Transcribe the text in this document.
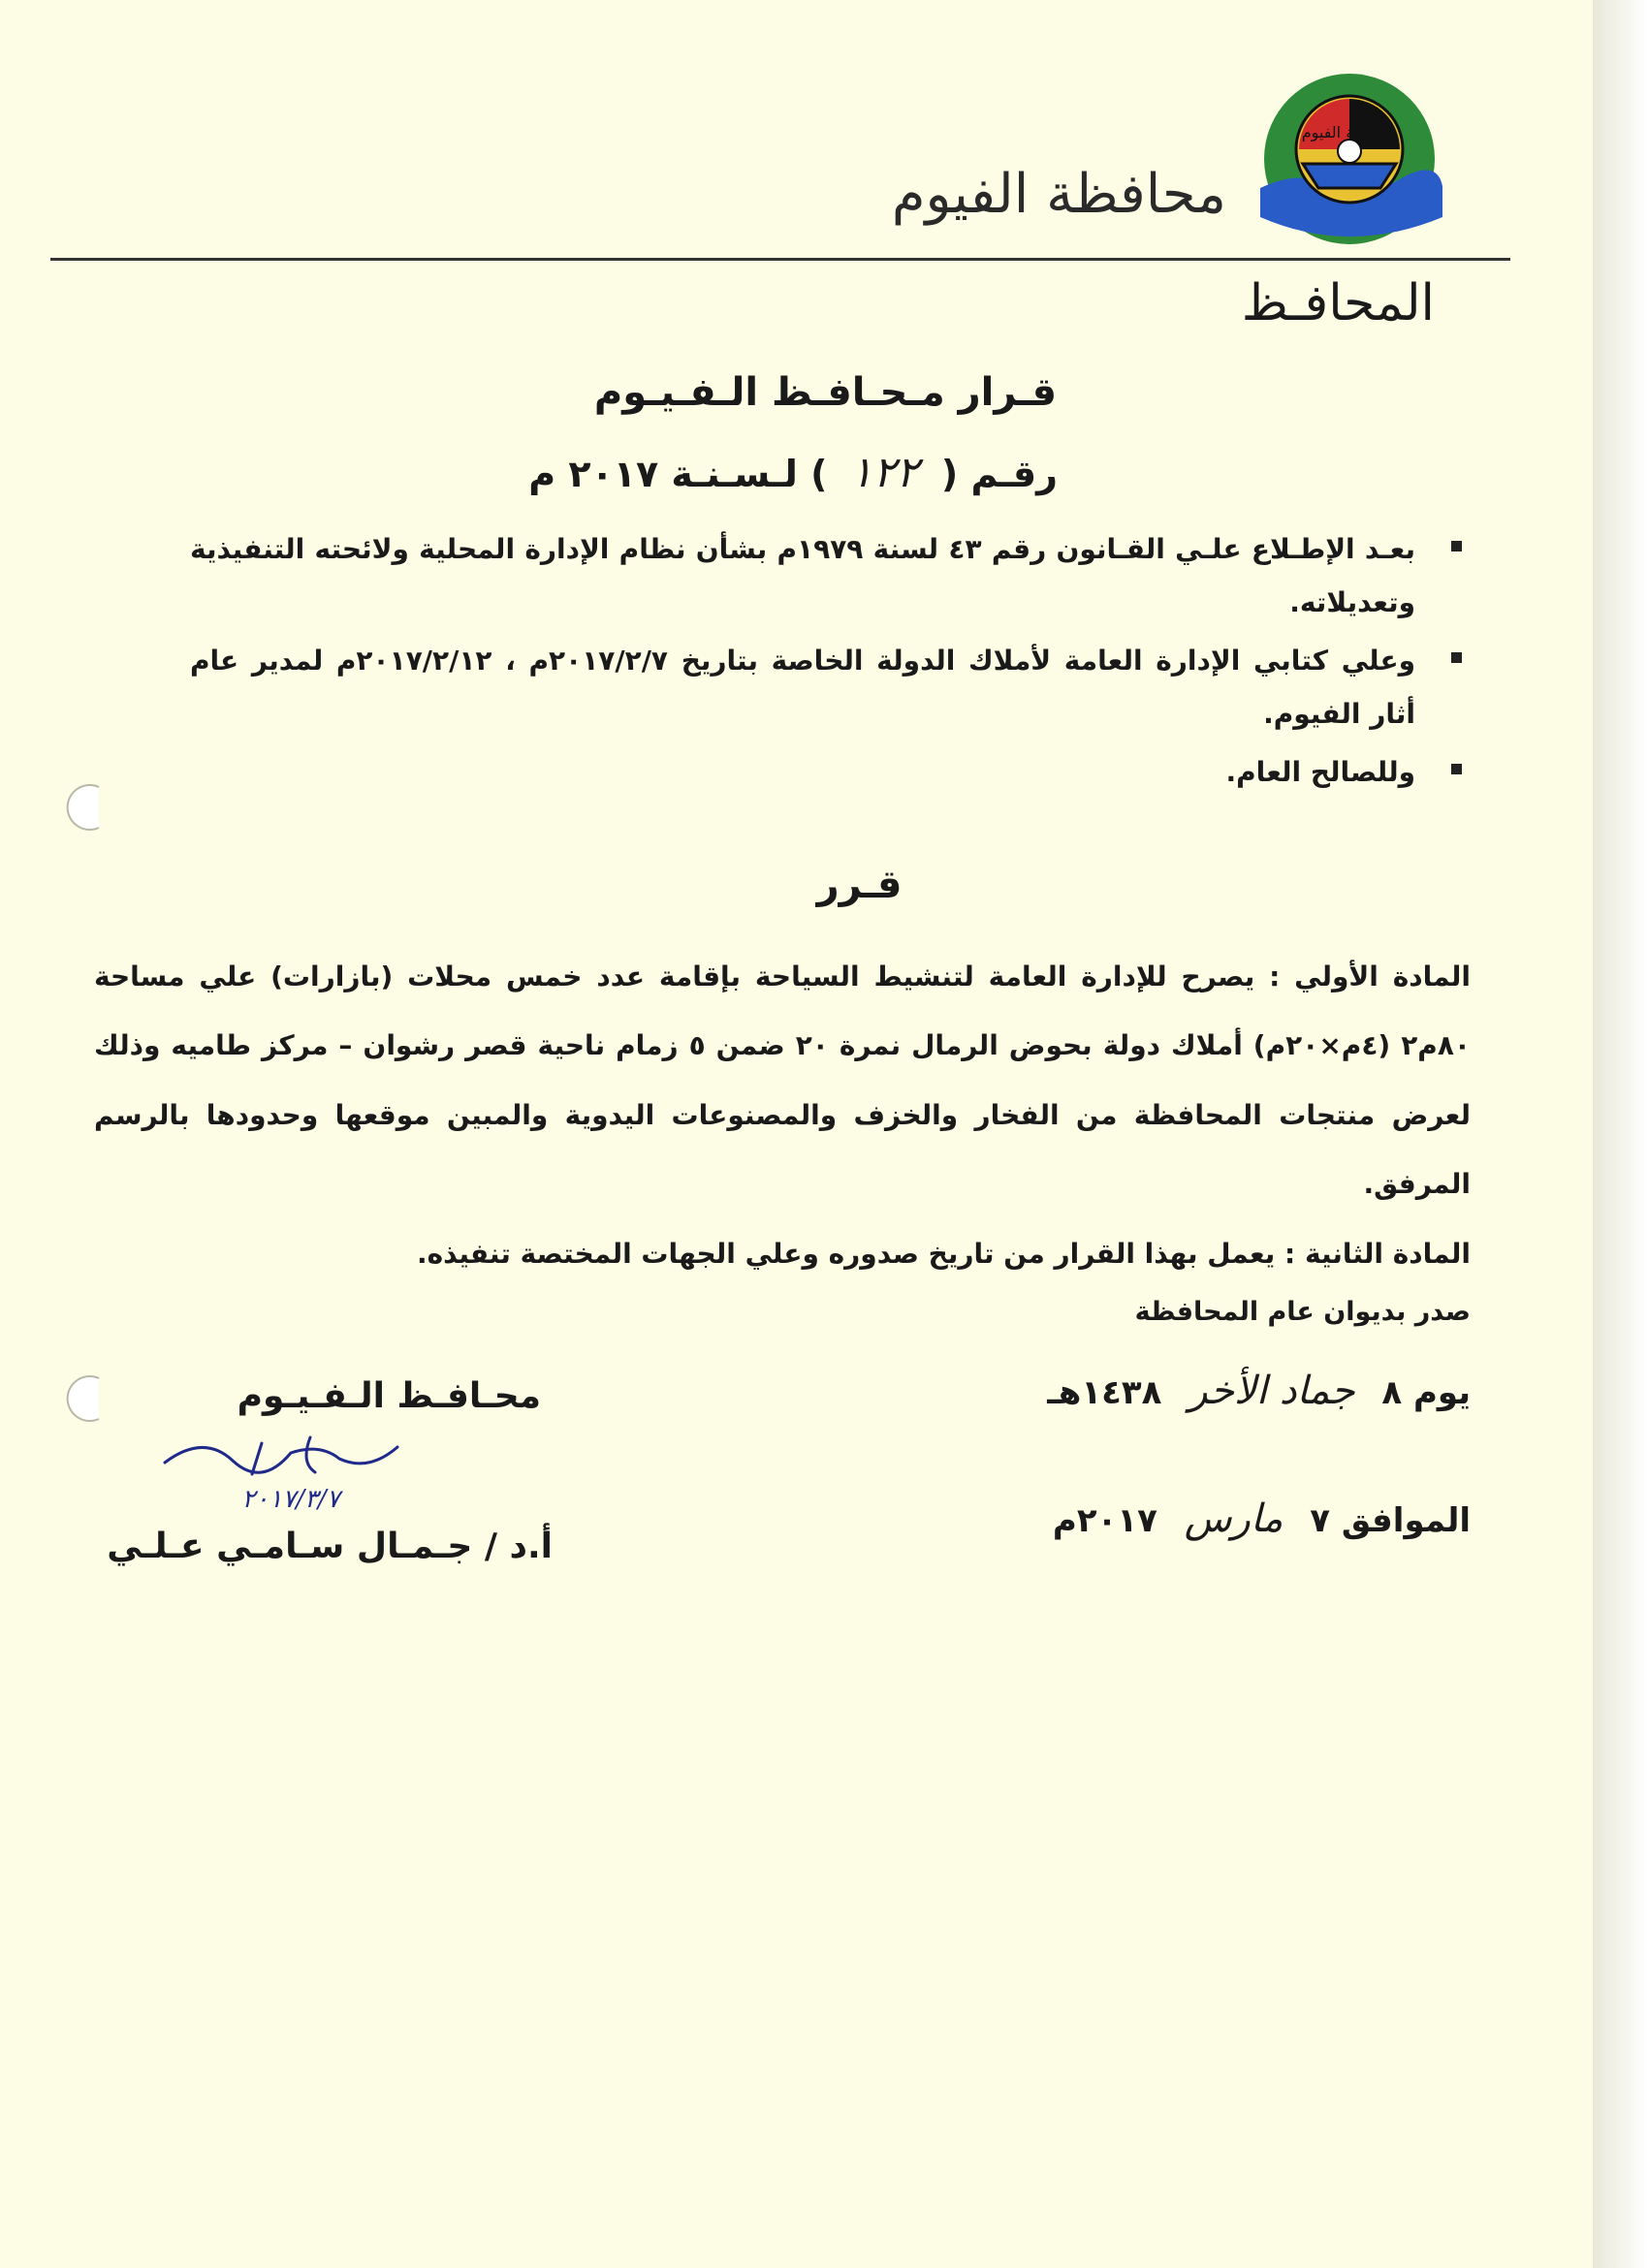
محافظة الفيوم
محافظة الفيوم
المحافـظ
قـرار مـحـافـظ الـفـيـوم
رقـم ( ١٢٢ ) لـسـنـة ٢٠١٧ م
بعـد الإطـلاع علـي القـانون رقم ٤٣ لسنة ١٩٧٩م بشأن نظام الإدارة المحلية ولائحته التنفيذية وتعديلاته.
وعلي كتابي الإدارة العامة لأملاك الدولة الخاصة بتاريخ ٢٠١٧/٢/٧م ، ٢٠١٧/٢/١٢م لمدير عام أثار الفيوم.
وللصالح العام.
قـرر

المادة الأولي : يصرح للإدارة العامة لتنشيط السياحة بإقامة عدد خمس محلات (بازارات) علي مساحة ٨٠م٢ (٤م×٢٠م) أملاك دولة بحوض الرمال نمرة ٢٠ ضمن ٥ زمام ناحية قصر رشوان – مركز طاميه وذلك لعرض منتجات المحافظة من الفخار والخزف والمصنوعات اليدوية والمبين موقعها وحدودها بالرسم المرفق.

المادة الثانية : يعمل بهذا القرار من تاريخ صدوره وعلي الجهات المختصة تنفيذه.

صدر بديوان عام المحافظة
يوم ٨ جماد الأخر ١٤٣٨هـ
الموافق ٧ مارس ٢٠١٧م
محـافـظ الـفـيـوم
٢٠١٧/٣/٧
أ.د / جـمـال سـامـي عـلـي
